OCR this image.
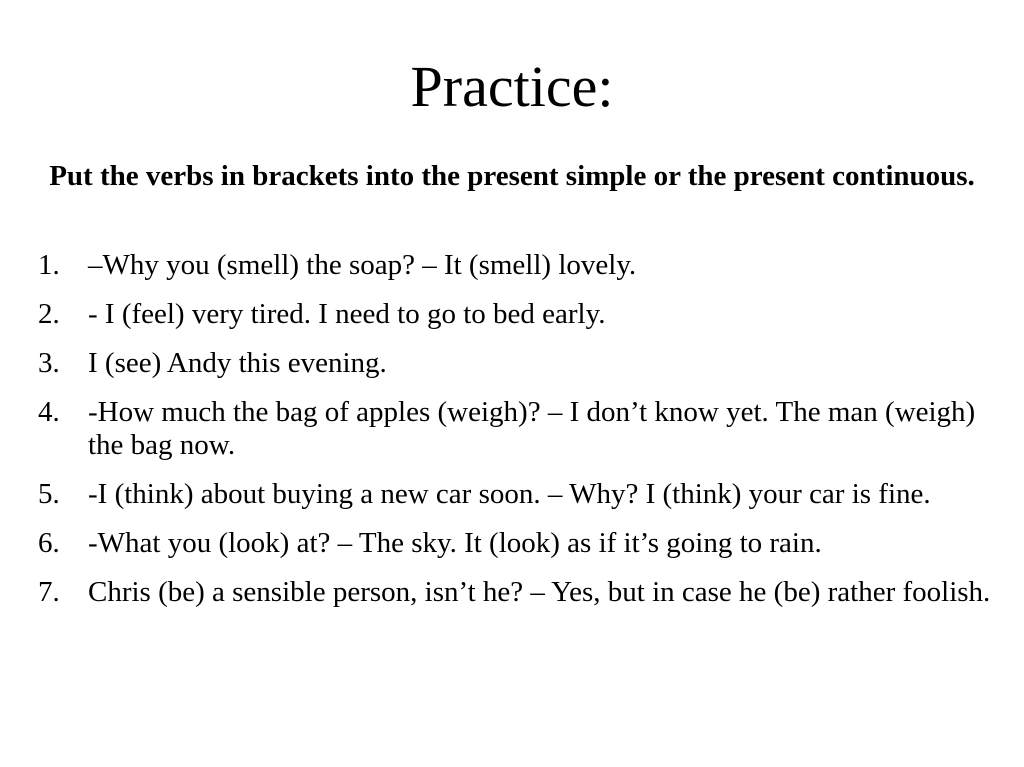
Practice:

Put the verbs in brackets into the present simple or the present continuous.

1. –Why you (smell) the soap? – It (smell) lovely.
2. - I (feel) very tired. I need to go to bed early.
3. I (see) Andy this evening.
4. -How much the bag of apples (weigh)? – I don’t know yet. The man (weigh) the bag now.
5. -I (think) about buying a new car soon. – Why? I (think) your car is fine.
6. -What you (look) at? – The sky. It (look) as if it’s going to rain.
7. Chris (be) a sensible person, isn’t he? – Yes, but in case he (be) rather foolish.
